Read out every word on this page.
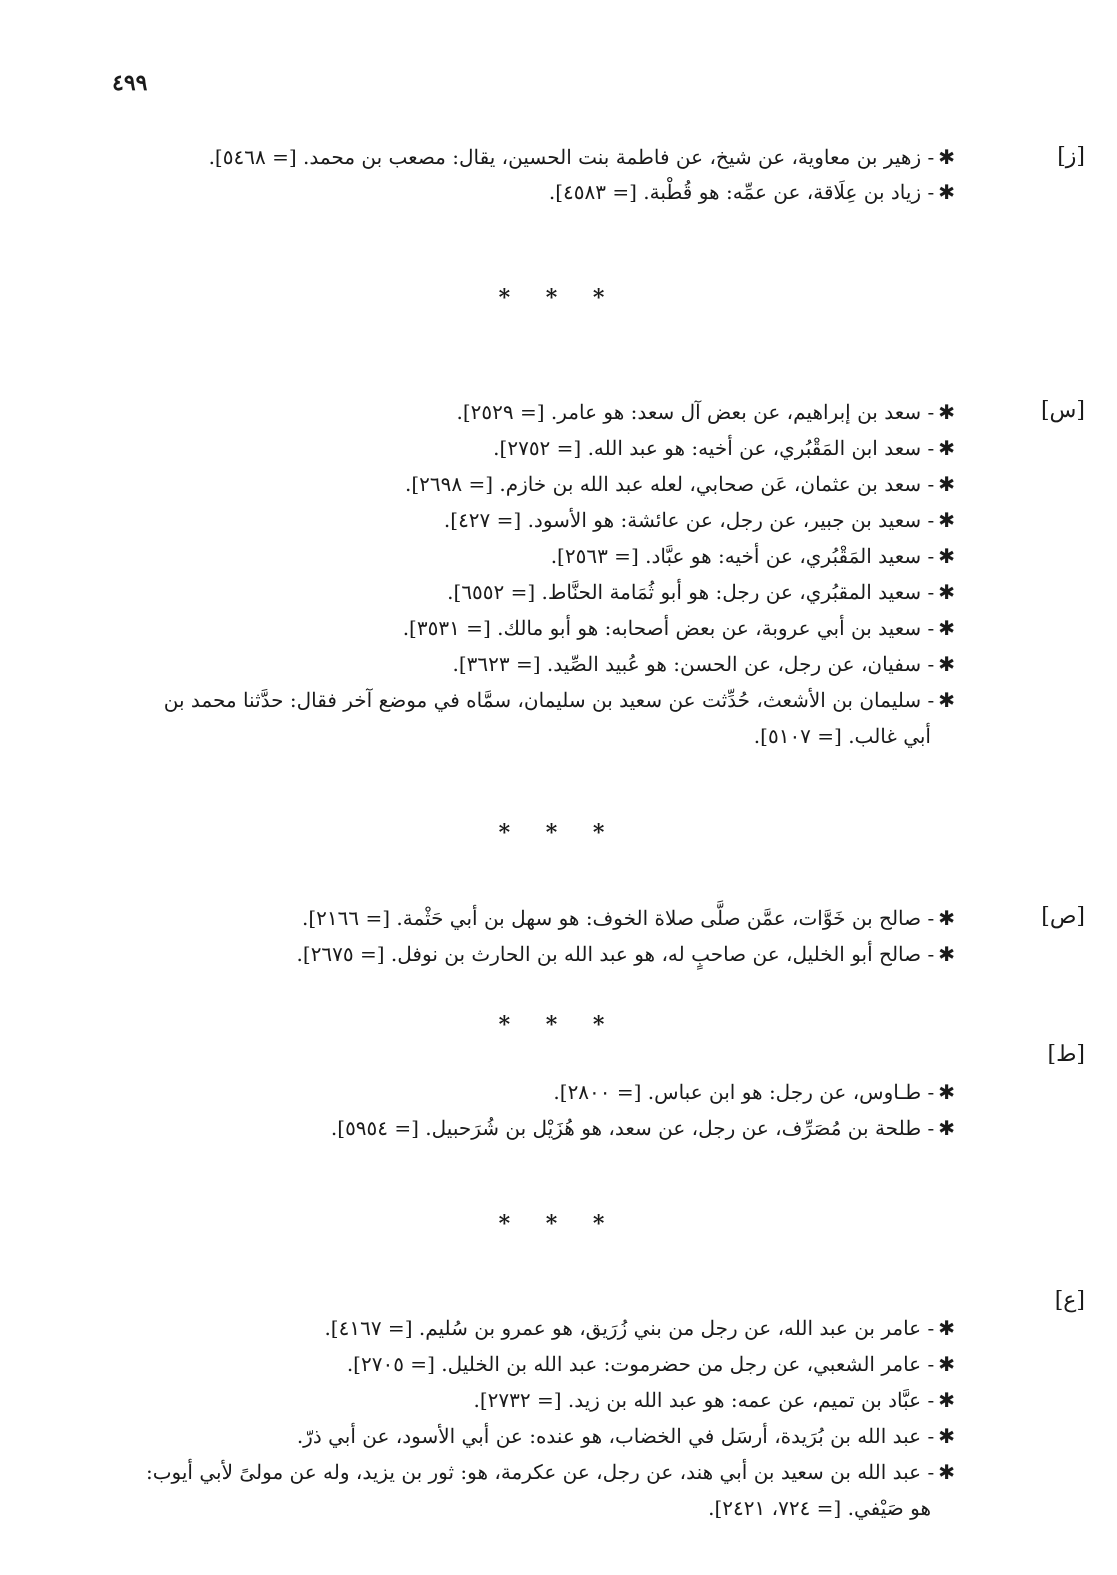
٤٩٩
[ز]
✱- زهير بن معاوية، عن شيخ، عن فاطمة بنت الحسين، يقال: مصعب بن محمد. [= ٥٤٦٨].
✱- زياد بن عِلَاقة، عن عمِّه: هو قُطْبة. [= ٤٥٨٣].
* * *
[س]
✱- سعد بن إبراهيم، عن بعض آل سعد: هو عامر. [= ٢٥٢٩].
✱- سعد ابن المَقْبُري، عن أخيه: هو عبد الله. [= ٢٧٥٢].
✱- سعد بن عثمان، عَن صحابي، لعله عبد الله بن خازم. [= ٢٦٩٨].
✱- سعيد بن جبير، عن رجل، عن عائشة: هو الأسود. [= ٤٢٧].
✱- سعيد المَقْبُري، عن أخيه: هو عبَّاد. [= ٢٥٦٣].
✱- سعيد المقبُري، عن رجل: هو أبو ثُمَامة الحنَّاط. [= ٦٥٥٢].
✱- سعيد بن أبي عروبة، عن بعض أصحابه: هو أبو مالك. [= ٣٥٣١].
✱- سفيان، عن رجل، عن الحسن: هو عُبيد الصِّيد. [= ٣٦٢٣].
✱- سليمان بن الأشعث، حُدِّثت عن سعيد بن سليمان، سمَّاه في موضع آخر فقال: حدَّثنا محمد بن
أبي غالب. [= ٥١٠٧].
* * *
[ص]
✱- صالح بن خَوَّات، عمَّن صلَّى صلاة الخوف: هو سهل بن أبي حَثْمة. [= ٢١٦٦].
✱- صالح أبو الخليل، عن صاحبٍ له، هو عبد الله بن الحارث بن نوفل. [= ٢٦٧٥].
* * *
[ط]
✱- طـاوس، عن رجل: هو ابن عباس. [= ٢٨٠٠].
✱- طلحة بن مُصَرِّف، عن رجل، عن سعد، هو هُزَيْل بن شُرَحبيل. [= ٥٩٥٤].
* * *
[ع]
✱- عامر بن عبد الله، عن رجل من بني زُرَيق، هو عمرو بن سُليم. [= ٤١٦٧].
✱- عامر الشعبي، عن رجل من حضرموت: عبد الله بن الخليل. [= ٢٧٠٥].
✱- عبَّاد بن تميم، عن عمه: هو عبد الله بن زيد. [= ٢٧٣٢].
✱- عبد الله بن بُرَيدة، أرسَل في الخضاب، هو عنده: عن أبي الأسود، عن أبي ذرّ.
✱- عبد الله بن سعيد بن أبي هند، عن رجل، عن عكرمة، هو: ثور بن يزيد، وله عن مولىً لأبي أيوب:
هو صَيْفي. [= ٧٢٤، ٢٤٢١].
